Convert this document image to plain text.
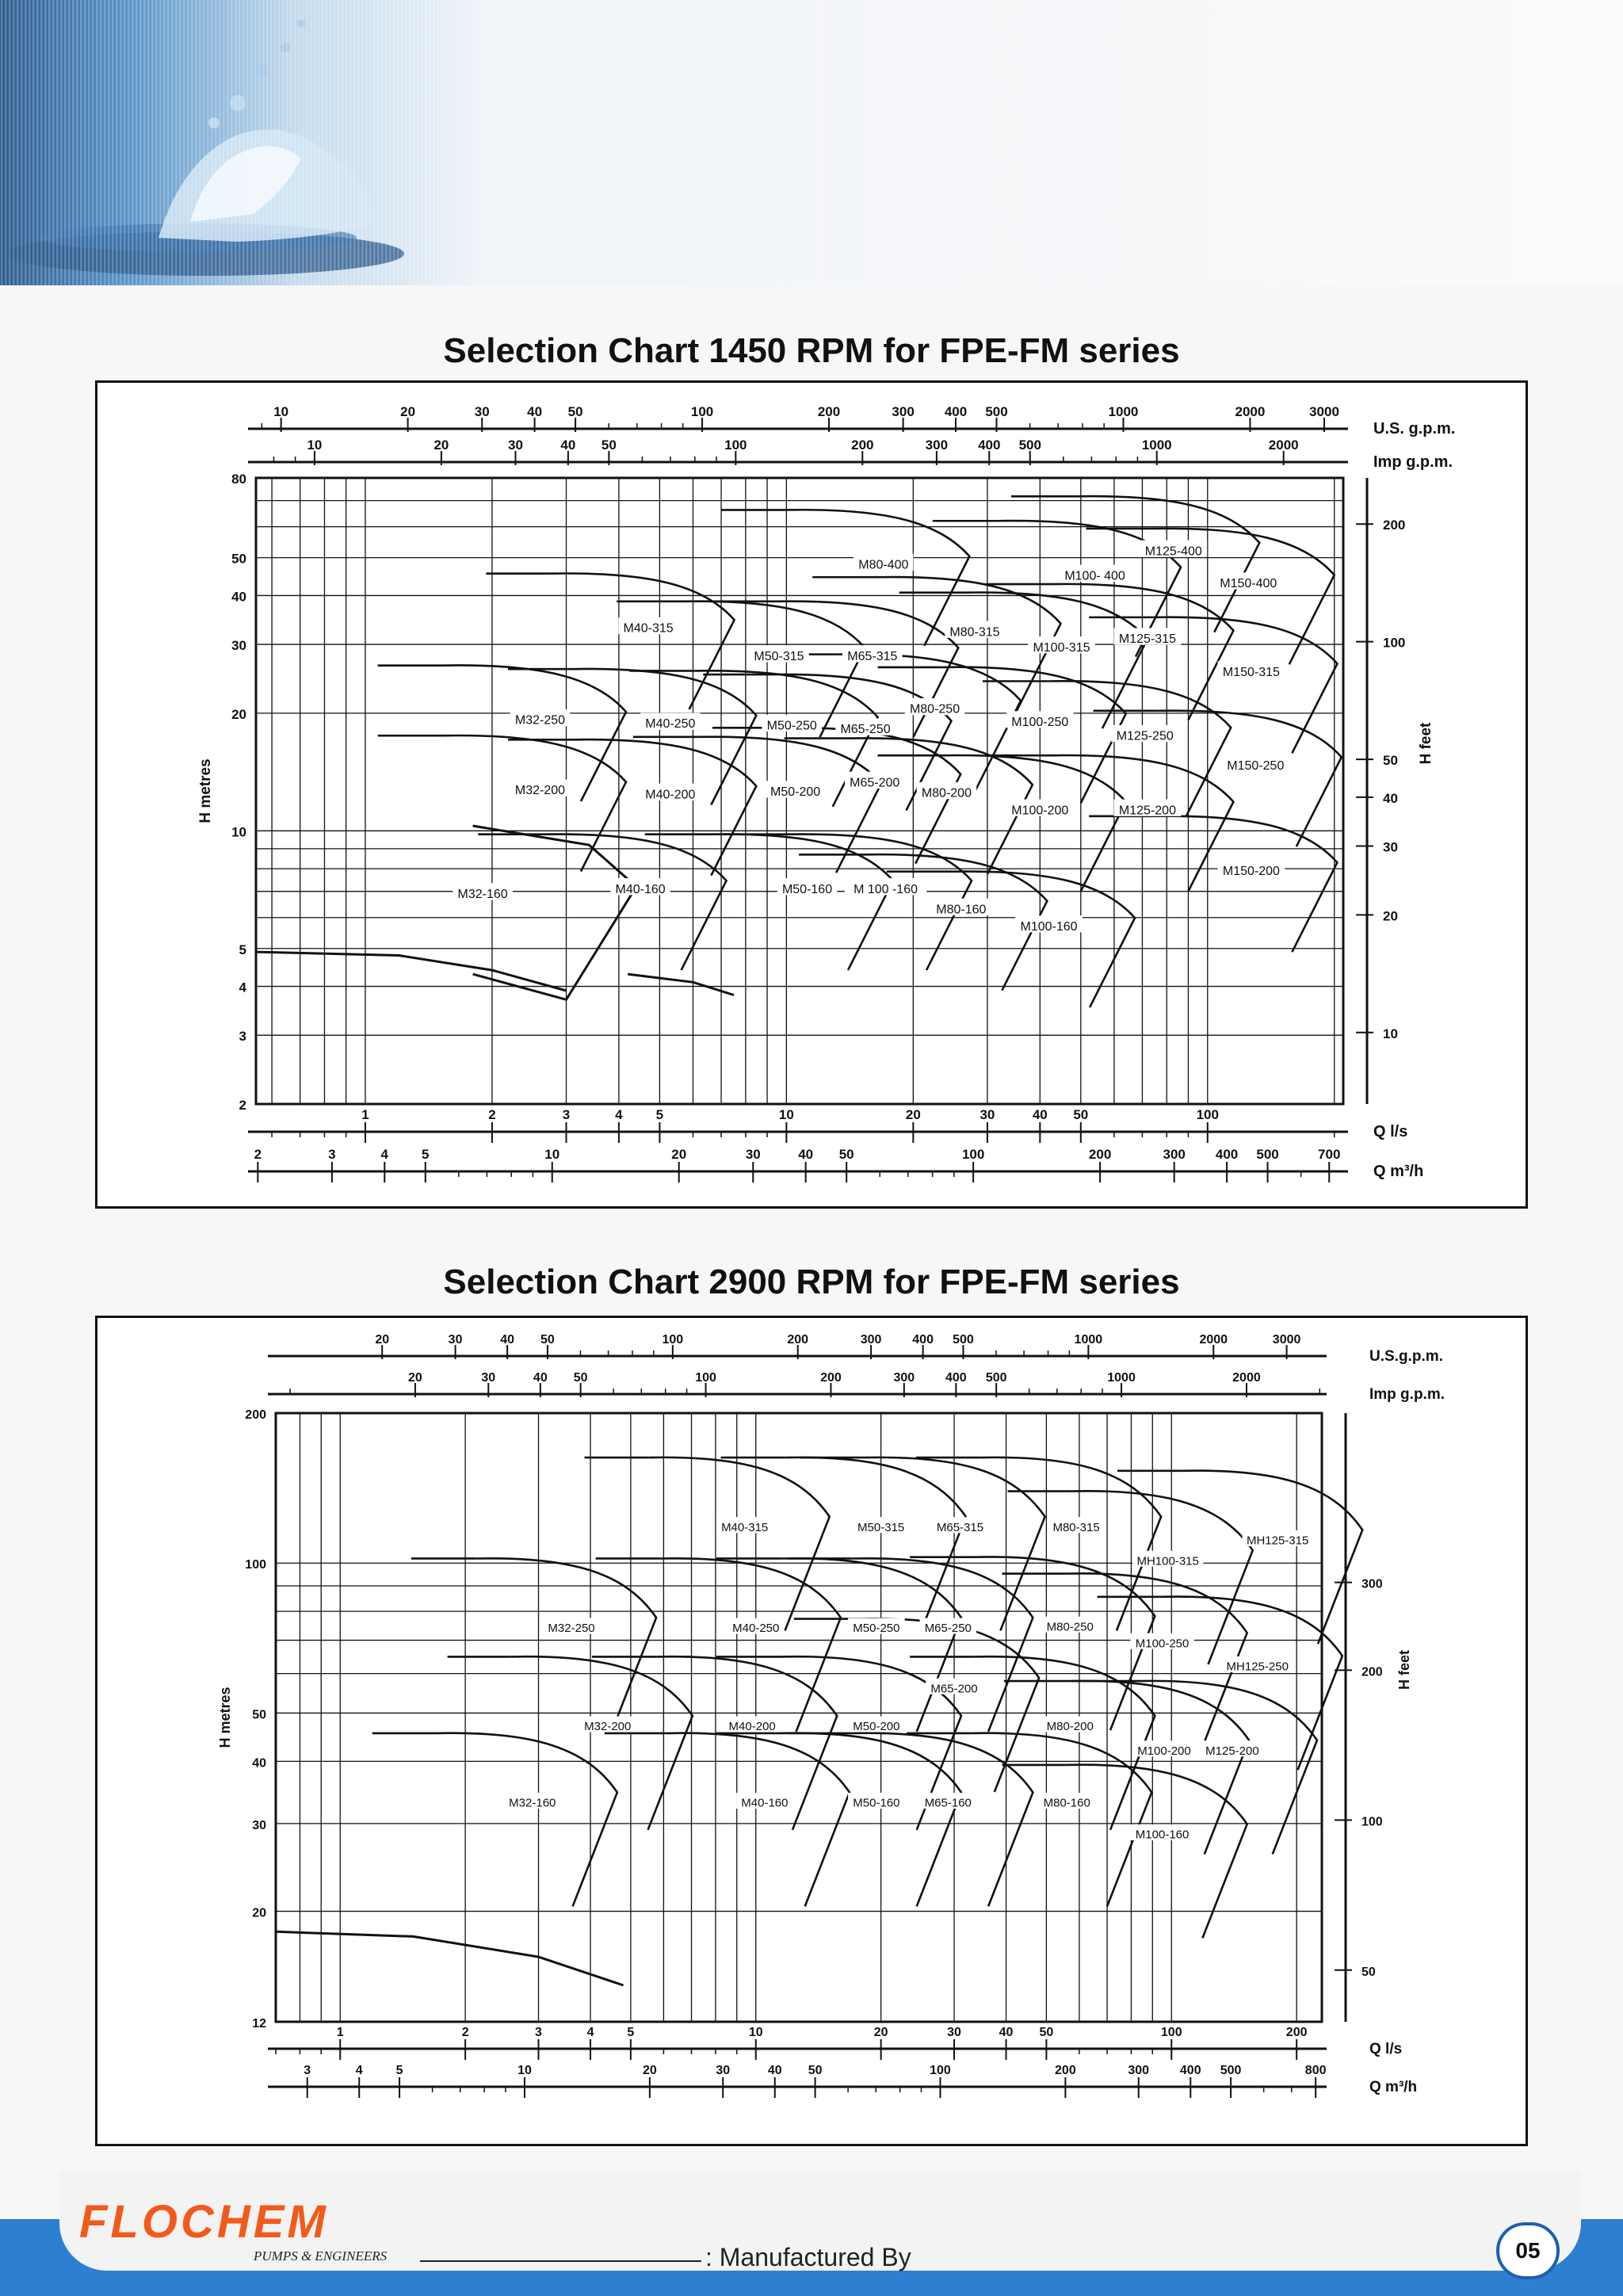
Selection Chart 1450 RPM for FPE-FM series
10	20	30	40 50	100	200	300 400 500	1000	2000	3000
U.S. g.p.m.
10	20	30	40 50	100	200	300 400 500	1000	2000
Imp g.p.m.
1	2	3	4 5	10	20	30	40 50	100
Q l/s
2	3	4 5	10	20	30	40 50	100	200	300 400 500	700
Q m³/h
2
3
4
5
10
20
30
40
50
80
H metres
10
20
30
40
50
100
200
H feet
M32-160	M40-160	M50-160 M 100 -160
M80-160
M100-160
M32-200	M40-200	M50-200
M65-200
M80-200
M100-200	M125-200
M150-200
M32-250	M40-250	M50-250 M65-250
M80-250
M100-250
M125-250
M150-250
M40-315
M50-315	M65-315
M80-315
M100-315
M125-315
M150-315
M80-400
M100- 400
M125-400
M150-400
Selection Chart 2900 RPM for FPE-FM series
20	30	40 50	100	200	300 400 500	1000	2000	3000
U.S.g.p.m.
20	30	40 50	100	200	300 400 500	1000	2000
Imp g.p.m.
1	2	3	4	5	10	20	30	40 50	100	200
Q l/s
3	4	5	10	20	30	40 50	100	200	300 400 500	800
Q m³/h
12
20
30
40
50
100
200
H metres
50
100
200
300
H feet
M32-160	M40-160	M50-160 M65-160	M80-160
M100-160
M32-200	M40-200	M50-200
M65-200
M80-200
M100-200 M125-200
M32-250	M40-250	M50-250 M65-250	M80-250
M100-250
MH125-250
M40-315	M50-315	M65-315	M80-315
MH100-315
MH125-315
FLOCHEM
PUMPS & ENGINEERS	: Manufactured By	05
